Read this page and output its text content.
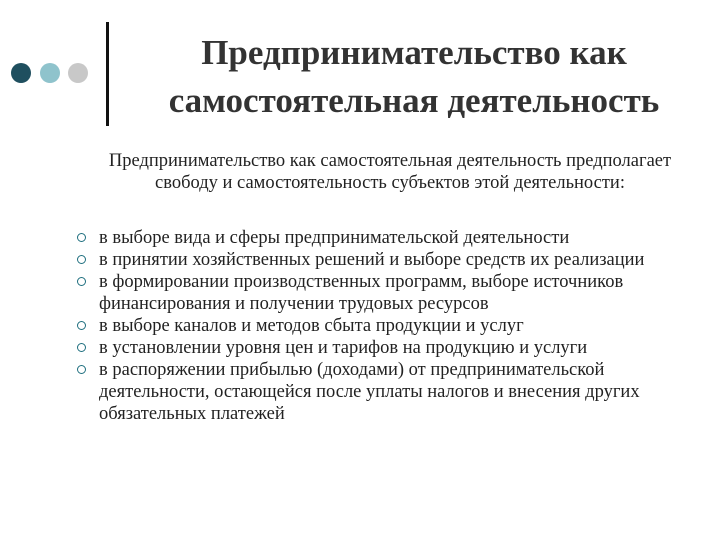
Предпринимательство как
самостоятельная деятельность

Предпринимательство как самостоятельная деятельность предполагает свободу и самостоятельность субъектов этой деятельности:

в выборе вида и сферы предпринимательской деятельности
в принятии хозяйственных решений и выборе средств их реализации
в формировании производственных программ, выборе источников финансирования и получении трудовых ресурсов
в выборе каналов и методов сбыта продукции и услуг
в установлении уровня цен и тарифов на продукцию и услуги
в распоряжении прибылью (доходами) от предпринимательской деятельности, остающейся после уплаты налогов и внесения других обязательных платежей
